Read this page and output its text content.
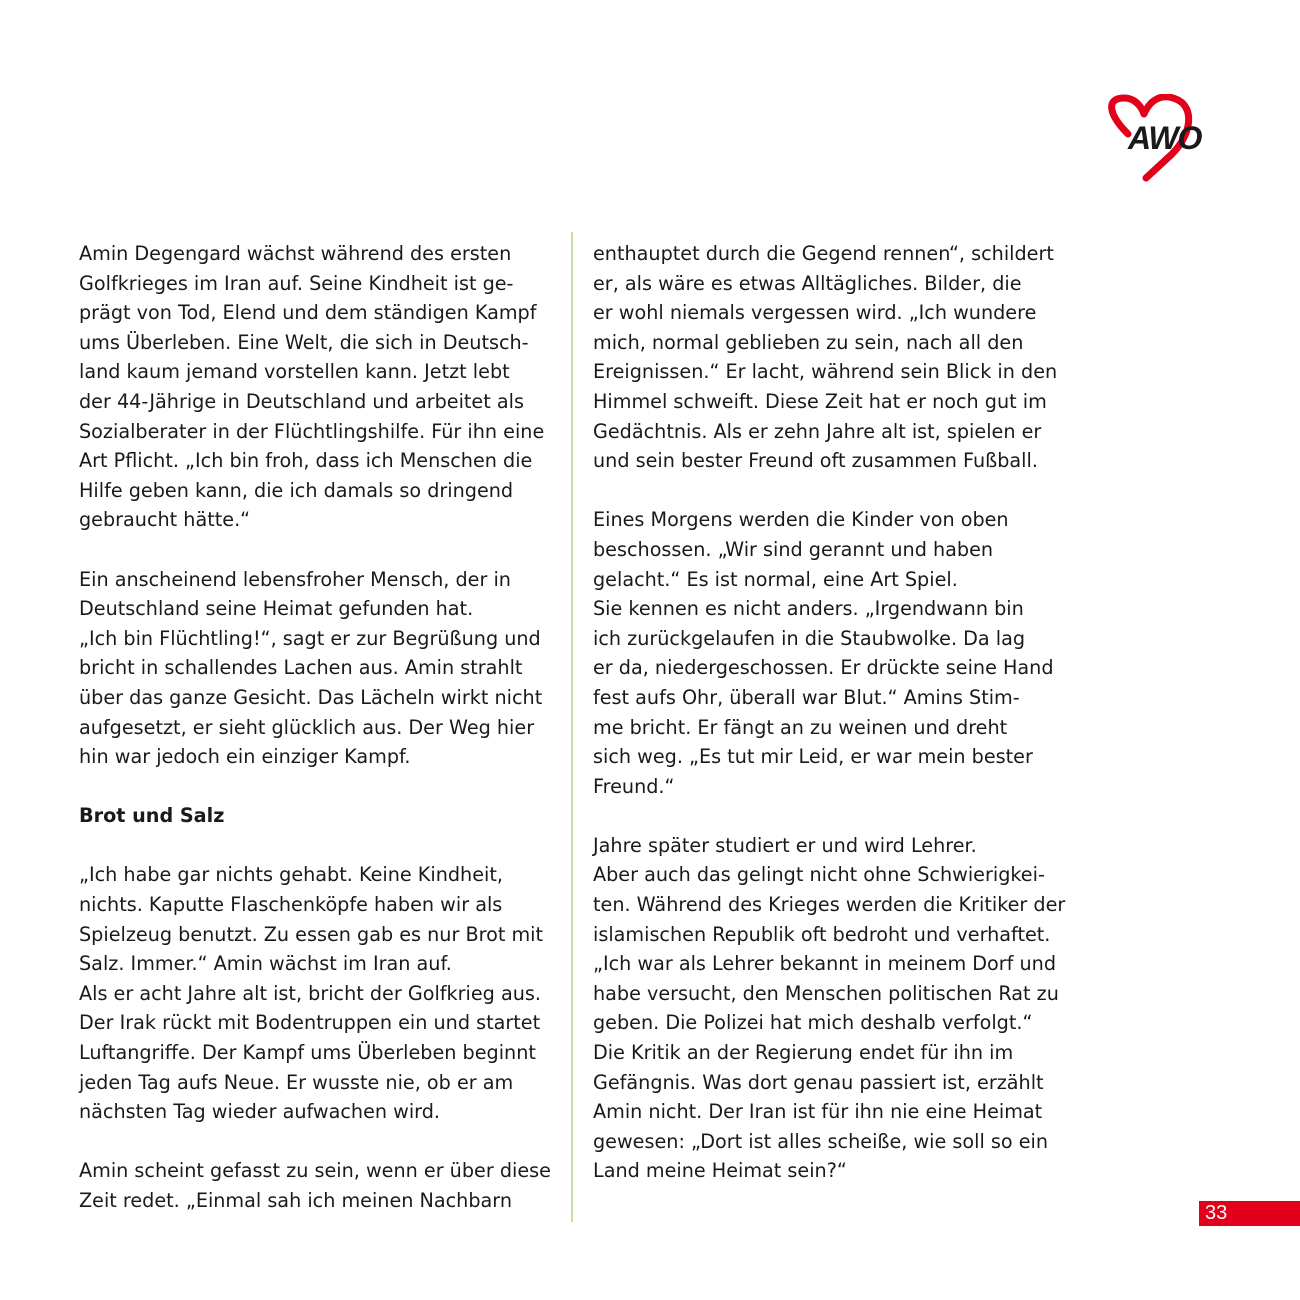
AWO
Amin Degengard wächst während des ersten
Golfkrieges im Iran auf. Seine Kindheit ist ge-
prägt von Tod, Elend und dem ständigen Kampf
ums Überleben. Eine Welt, die sich in Deutsch-
land kaum jemand vorstellen kann. Jetzt lebt
der 44-Jährige in Deutschland und arbeitet als
Sozialberater in der Flüchtlingshilfe. Für ihn eine
Art Pflicht. „Ich bin froh, dass ich Menschen die
Hilfe geben kann, die ich damals so dringend
gebraucht hätte.“
Ein anscheinend lebensfroher Mensch, der in
Deutschland seine Heimat gefunden hat.
„Ich bin Flüchtling!“, sagt er zur Begrüßung und
bricht in schallendes Lachen aus. Amin strahlt
über das ganze Gesicht. Das Lächeln wirkt nicht
aufgesetzt, er sieht glücklich aus. Der Weg hier
hin war jedoch ein einziger Kampf.
Brot und Salz
„Ich habe gar nichts gehabt. Keine Kindheit,
nichts. Kaputte Flaschenköpfe haben wir als
Spielzeug benutzt. Zu essen gab es nur Brot mit
Salz. Immer.“ Amin wächst im Iran auf.
Als er acht Jahre alt ist, bricht der Golfkrieg aus.
Der Irak rückt mit Bodentruppen ein und startet
Luftangriffe. Der Kampf ums Überleben beginnt
jeden Tag aufs Neue. Er wusste nie, ob er am
nächsten Tag wieder aufwachen wird.
Amin scheint gefasst zu sein, wenn er über diese
Zeit redet. „Einmal sah ich meinen Nachbarn
enthauptet durch die Gegend rennen“, schildert
er, als wäre es etwas Alltägliches. Bilder, die
er wohl niemals vergessen wird. „Ich wundere
mich, normal geblieben zu sein, nach all den
Ereignissen.“ Er lacht, während sein Blick in den
Himmel schweift. Diese Zeit hat er noch gut im
Gedächtnis. Als er zehn Jahre alt ist, spielen er
und sein bester Freund oft zusammen Fußball.
Eines Morgens werden die Kinder von oben
beschossen. „Wir sind gerannt und haben
gelacht.“ Es ist normal, eine Art Spiel.
Sie kennen es nicht anders. „Irgendwann bin
ich zurückgelaufen in die Staubwolke. Da lag
er da, niedergeschossen. Er drückte seine Hand
fest aufs Ohr, überall war Blut.“ Amins Stim-
me bricht. Er fängt an zu weinen und dreht
sich weg. „Es tut mir Leid, er war mein bester
Freund.“
Jahre später studiert er und wird Lehrer.
Aber auch das gelingt nicht ohne Schwierigkei-
ten. Während des Krieges werden die Kritiker der
islamischen Republik oft bedroht und verhaftet.
„Ich war als Lehrer bekannt in meinem Dorf und
habe versucht, den Menschen politischen Rat zu
geben. Die Polizei hat mich deshalb verfolgt.“
Die Kritik an der Regierung endet für ihn im
Gefängnis. Was dort genau passiert ist, erzählt
Amin nicht. Der Iran ist für ihn nie eine Heimat
gewesen: „Dort ist alles scheiße, wie soll so ein
Land meine Heimat sein?“
33
